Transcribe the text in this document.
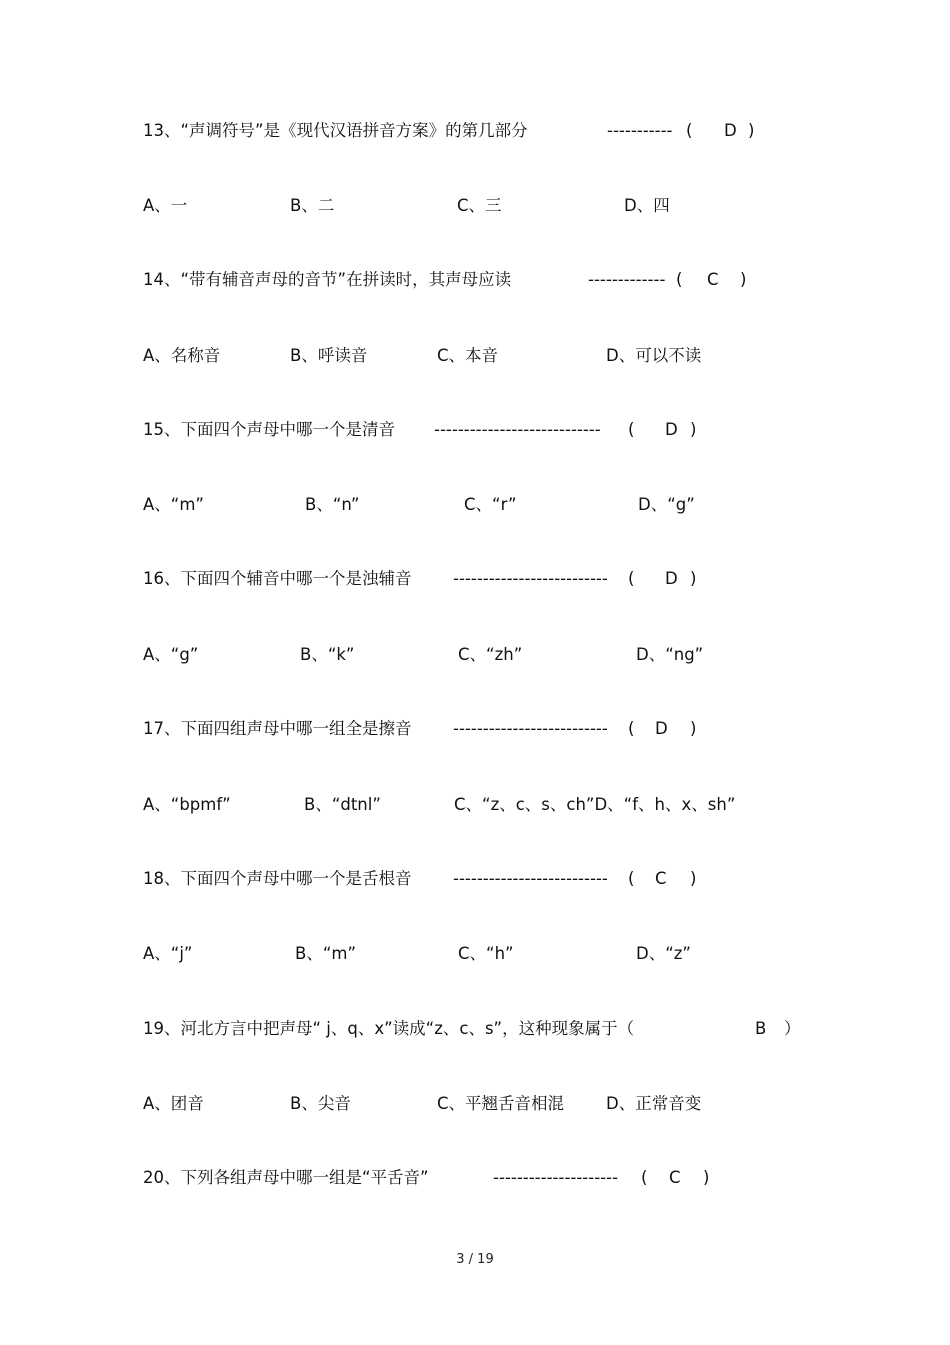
13、“声调符号”是《现代汉语拼音方案》的第几部分	----------- ( D )
A、一	B、二	C、三	D、四
14、“带有辅音声母的音节”在拼读时，其声母应读	------------- ( C )
A、名称音	B、呼读音	C、本音	D、可以不读
15、下面四个声母中哪一个是清音 ---------------------------- ( D )
A、“m”	B、“n”	C、“r”	D、“g”
16、下面四个辅音中哪一个是浊辅音	-------------------------- ( D )
A、“g”	B、“k”	C、“zh”	D、“ng”
17、下面四组声母中哪一组全是擦音	-------------------------- ( D )
A、“bpmf”	B、“dtnl”	C、“z、c、s、ch”D、“f、h、x、sh”
18、下面四个声母中哪一个是舌根音	-------------------------- ( C )
A、“j”	B、“m”	C、“h”	D、“z”
19、河北方言中把声母“ j、q、x”读成“z、c、s”，这种现象属于（	B ）
A、团音	B、尖音	C、平翘舌音相混	D、正常音变
20、下列各组声母中哪一组是“平舌音”	--------------------- ( C )
3 / 19
